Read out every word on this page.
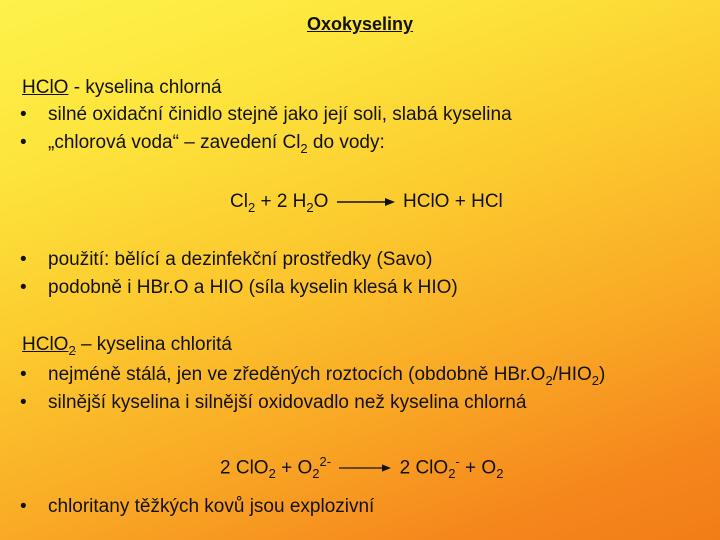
Oxokyseliny
HClO - kyselina chlorná
• silné oxidační činidlo stejně jako její soli, slabá kyselina
• „chlorová voda“ – zavedení $Cl_2$ do vody:
$Cl_2 + 2$ $H_2O$ → HClO + HCl
• použití: bělící a dezinfekční prostředky (Savo)
• podobně i HBr.O a HIO (síla kyselin klesá k HIO)
HClO$_2$ – kyselina chloritá
• nejméně stálá, jen ve zředěných roztocích (obdobně $HBr.O_2/HIO_2$)
• silnější kyselina i silnější oxidovadlo než kyselina chlorná
2 $ClO_2 + O_2^{2-} \to 2$ $ClO_2^- + O_2$
• chloritany těžkých kovů jsou explozivní
